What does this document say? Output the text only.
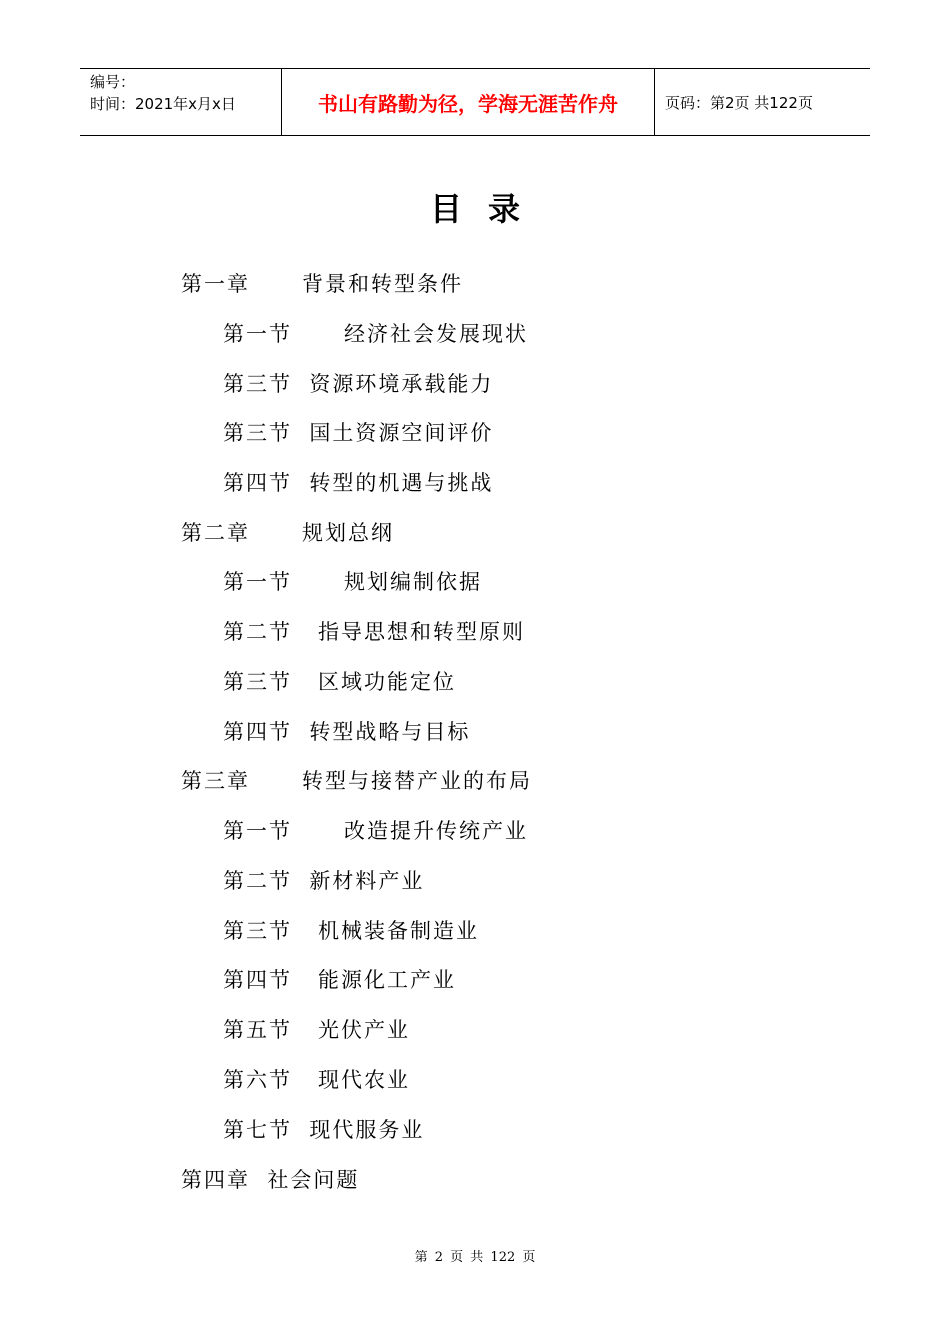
编号：
时间：2021年x月x日	书山有路勤为径，学海无涯苦作舟	页码：第2页 共122页
目录
第一章      背景和转型条件
第一节      经济社会发展现状
第三节  资源环境承载能力
第三节  国土资源空间评价
第四节  转型的机遇与挑战
第二章      规划总纲
第一节      规划编制依据
第二节   指导思想和转型原则
第三节   区域功能定位
第四节  转型战略与目标
第三章      转型与接替产业的布局
第一节      改造提升传统产业
第二节  新材料产业
第三节   机械装备制造业
第四节   能源化工产业
第五节   光伏产业
第六节   现代农业
第七节  现代服务业
第四章  社会问题
第 2 页 共 122 页
